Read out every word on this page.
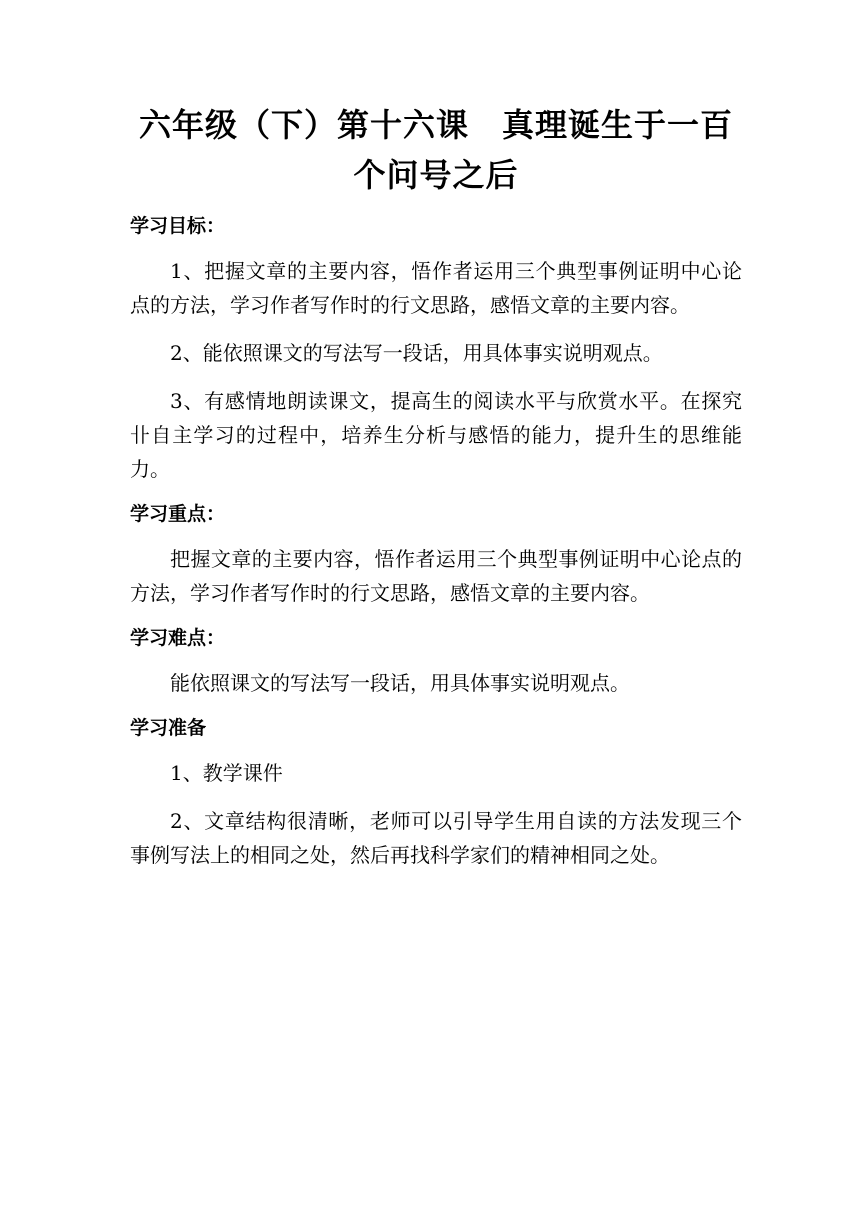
六年级（下）第十六课　真理诞生于一百个问号之后
学习目标：

1、把握文章的主要内容，悟作者运用三个典型事例证明中心论点的方法，学习作者写作时的行文思路，感悟文章的主要内容。

2、能依照课文的写法写一段话，用具体事实说明观点。

3、有感情地朗读课文，提高生的阅读水平与欣赏水平。在探究卝自主学习的过程中，培养生分析与感悟的能力，提升生的思维能力。

学习重点：

把握文章的主要内容，悟作者运用三个典型事例证明中心论点的方法，学习作者写作时的行文思路，感悟文章的主要内容。

学习难点：

能依照课文的写法写一段话，用具体事实说明观点。

学习准备

1、教学课件

2、文章结构很清晰，老师可以引导学生用自读的方法发现三个事例写法上的相同之处，然后再找科学家们的精神相同之处。
